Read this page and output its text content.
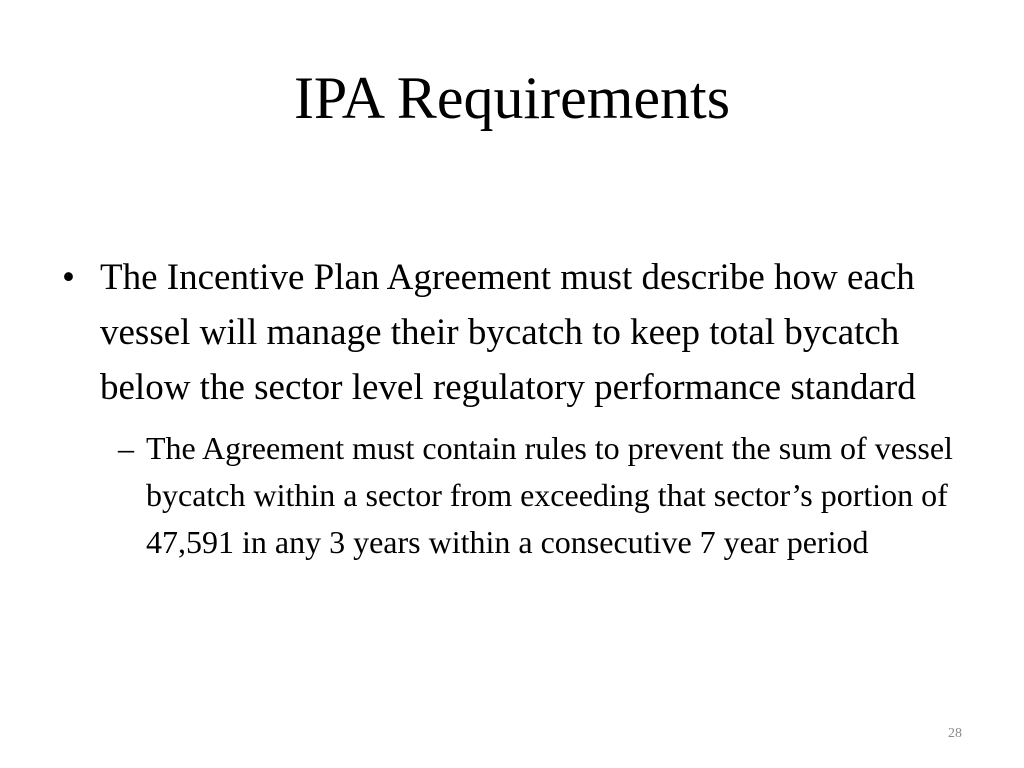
IPA Requirements
• The Incentive Plan Agreement must describe how each vessel will manage their bycatch to keep total bycatch below the sector level regulatory performance standard
– The Agreement must contain rules to prevent the sum of vessel bycatch within a sector from exceeding that sector’s portion of 47,591 in any 3 years within a consecutive 7 year period
28
